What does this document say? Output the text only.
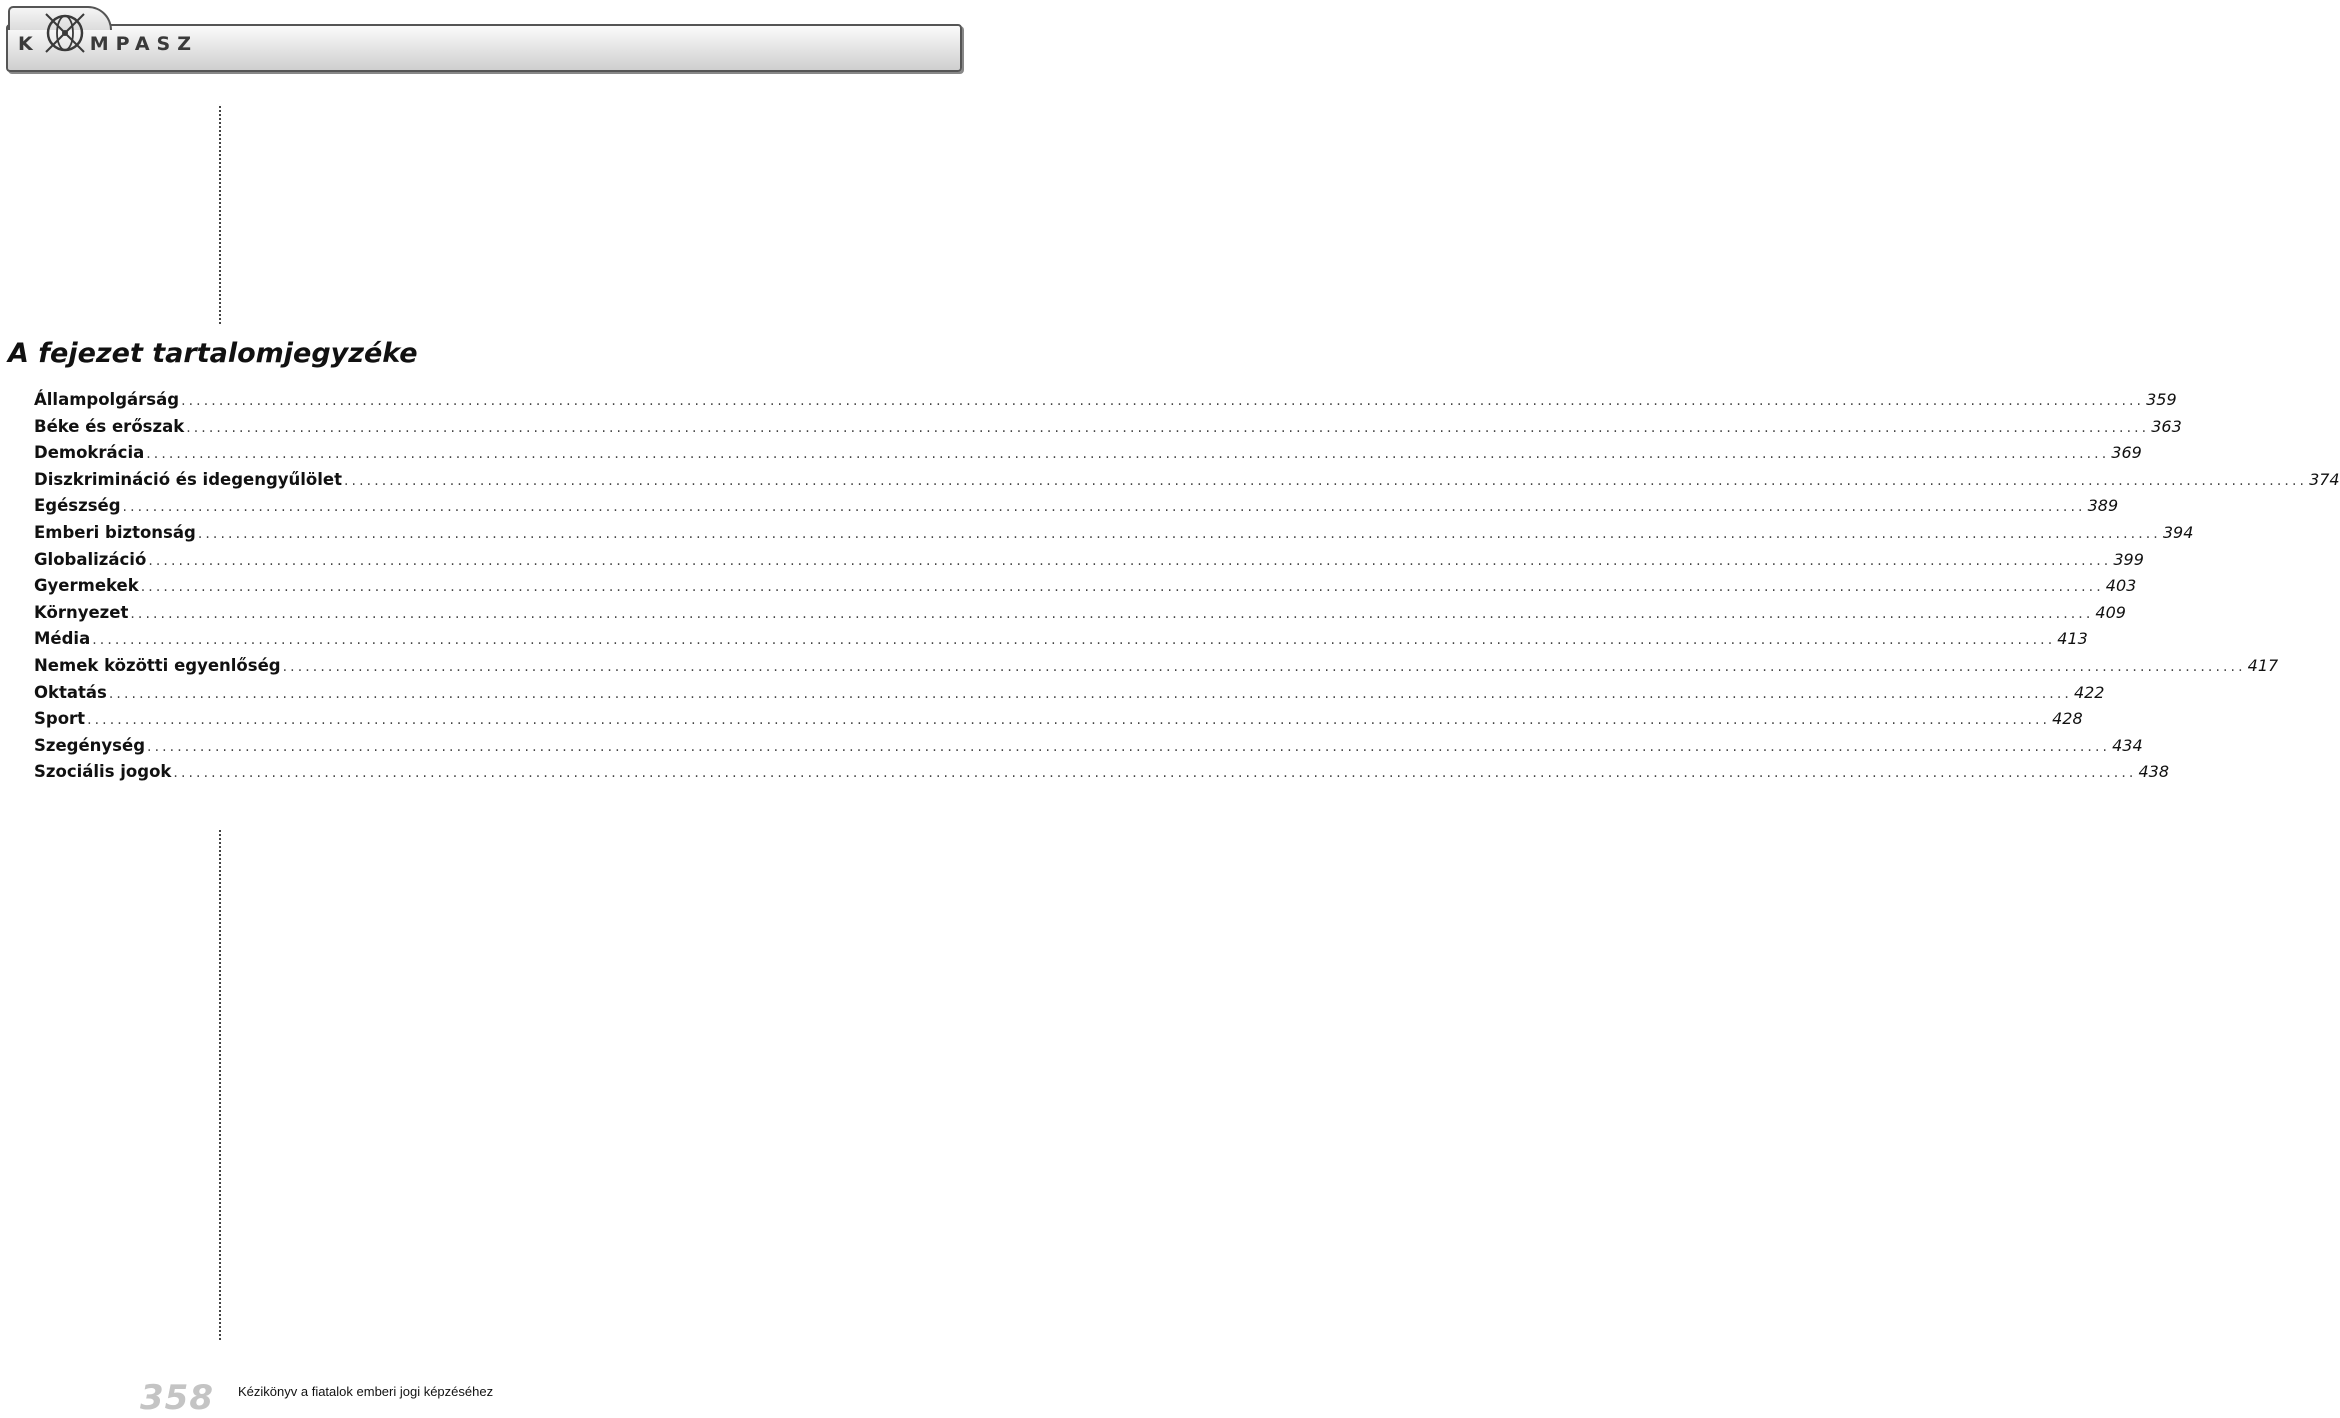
K	MPASZ
A fejezet tartalomjegyzéke
Állampolgárság .................................................................................................................................................................................................................................................................... 359
Béke és erőszak .................................................................................................................................................................................................................................................................... 363
Demokrácia .................................................................................................................................................................................................................................................................... 369
Diszkrimináció és idegengyűlölet .................................................................................................................................................................................................................................................................... 374
Egészség .................................................................................................................................................................................................................................................................... 389
Emberi biztonság .................................................................................................................................................................................................................................................................... 394
Globalizáció .................................................................................................................................................................................................................................................................... 399
Gyermekek .................................................................................................................................................................................................................................................................... 403
Környezet .................................................................................................................................................................................................................................................................... 409
Média .................................................................................................................................................................................................................................................................... 413
Nemek közötti egyenlőség .................................................................................................................................................................................................................................................................... 417
Oktatás .................................................................................................................................................................................................................................................................... 422
Sport .................................................................................................................................................................................................................................................................... 428
Szegénység .................................................................................................................................................................................................................................................................... 434
Szociális jogok .................................................................................................................................................................................................................................................................... 438
358 Kézikönyv a fiatalok emberi jogi képzéséhez
